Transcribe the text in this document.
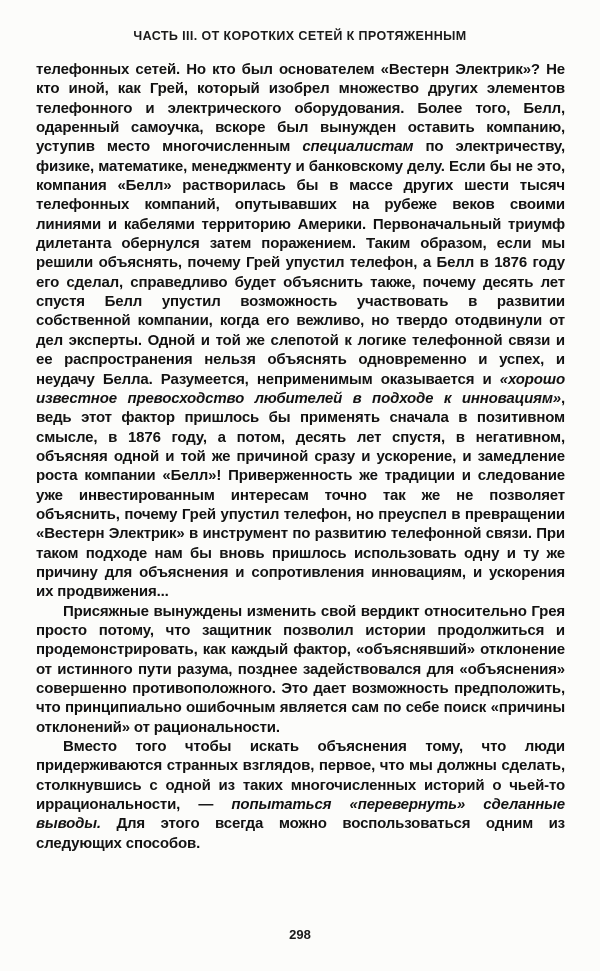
ЧАСТЬ III. ОТ КОРОТКИХ СЕТЕЙ К ПРОТЯЖЕННЫМ

телефонных сетей. Но кто был основателем «Вестерн Электрик»? Не кто иной, как Грей, который изобрел множество других элементов телефонного и электрического оборудования. Более того, Белл, одаренный самоучка, вскоре был вынужден оставить компанию, уступив место многочисленным специалистам по электричеству, физике, математике, менеджменту и банковскому делу. Если бы не это, компания «Белл» растворилась бы в массе других шести тысяч телефонных компаний, опутывавших на рубеже веков своими линиями и кабелями территорию Америки. Первоначальный триумф дилетанта обернулся затем поражением. Таким образом, если мы решили объяснять, почему Грей упустил телефон, а Белл в 1876 году его сделал, справедливо будет объяснить также, почему десять лет спустя Белл упустил возможность участвовать в развитии собственной компании, когда его вежливо, но твердо отодвинули от дел эксперты. Одной и той же слепотой к логике телефонной связи и ее распространения нельзя объяснять одновременно и успех, и неудачу Белла. Разумеется, неприменимым оказывается и «хорошо известное превосходство любителей в подходе к инновациям», ведь этот фактор пришлось бы применять сначала в позитивном смысле, в 1876 году, а потом, десять лет спустя, в негативном, объясняя одной и той же причиной сразу и ускорение, и замедление роста компании «Белл»! Приверженность же традиции и следование уже инвестированным интересам точно так же не позволяет объяснить, почему Грей упустил телефон, но преуспел в превращении «Вестерн Электрик» в инструмент по развитию телефонной связи. При таком подходе нам бы вновь пришлось использовать одну и ту же причину для объяснения и сопротивления инновациям, и ускорения их продвижения...

Присяжные вынуждены изменить свой вердикт относительно Грея просто потому, что защитник позволил истории продолжиться и продемонстрировать, как каждый фактор, «объяснявший» отклонение от истинного пути разума, позднее задействовался для «объяснения» совершенно противоположного. Это дает возможность предположить, что принципиально ошибочным является сам по себе поиск «причины отклонений» от рациональности.

Вместо того чтобы искать объяснения тому, что люди придерживаются странных взглядов, первое, что мы должны сделать, столкнувшись с одной из таких многочисленных историй о чьей-то иррациональности, — попытаться «перевернуть» сделанные выводы. Для этого всегда можно воспользоваться одним из следующих способов.

298
